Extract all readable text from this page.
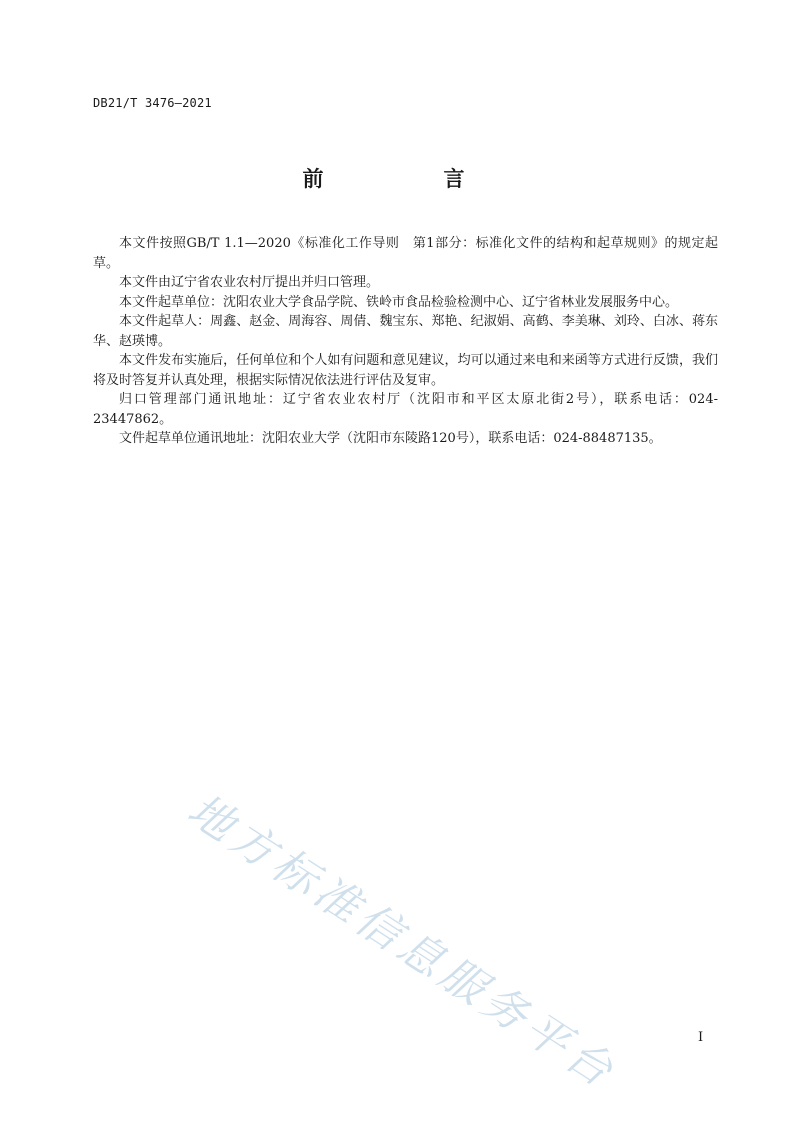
DB21/T 3476—2021
前　　言

本文件按照GB/T 1.1—2020《标准化工作导则　第1部分：标准化文件的结构和起草规则》的规定起草。

本文件由辽宁省农业农村厅提出并归口管理。

本文件起草单位：沈阳农业大学食品学院、铁岭市食品检验检测中心、辽宁省林业发展服务中心。

本文件起草人：周鑫、赵金、周海容、周倩、魏宝东、郑艳、纪淑娟、高鹤、李美琳、刘玲、白冰、蒋东华、赵瑛博。

本文件发布实施后，任何单位和个人如有问题和意见建议，均可以通过来电和来函等方式进行反馈，我们将及时答复并认真处理，根据实际情况依法进行评估及复审。

归口管理部门通讯地址：辽宁省农业农村厅（沈阳市和平区太原北街2号），联系电话：024-23447862。

文件起草单位通讯地址：沈阳农业大学（沈阳市东陵路120号），联系电话：024-88487135。

地方标准信息服务平台	I
